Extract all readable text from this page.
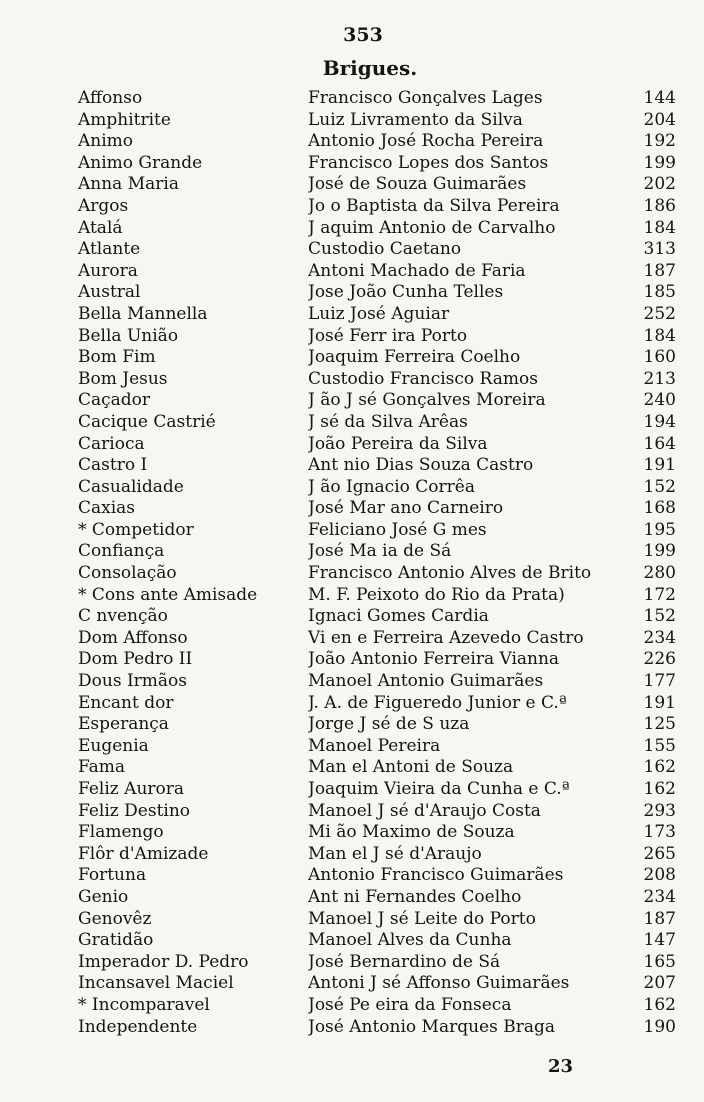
353
Brigues.
Affonso	Francisco Gonçalves Lages	144
Amphitrite	Luiz Livramento da Silva	204
Animo	Antonio José Rocha Pereira	192
Animo Grande	Francisco Lopes dos Santos	199
Anna Maria	José de Souza Guimarães	202
Argos	Jo o Baptista da Silva Pereira	186
Atalá	J aquim Antonio de Carvalho	184
Atlante	Custodio Caetano	313
Aurora	Antoni Machado de Faria	187
Austral	Jose João Cunha Telles	185
Bella Mannella	Luiz José Aguiar	252
Bella União	José Ferr ira Porto	184
Bom Fim	Joaquim Ferreira Coelho	160
Bom Jesus	Custodio Francisco Ramos	213
Caçador	J ão J sé Gonçalves Moreira	240
Cacique Castrié	J sé da Silva Arêas	194
Carioca	João Pereira da Silva	164
Castro I	Ant nio Dias Souza Castro	191
Casualidade	J ão Ignacio Corrêa	152
Caxias	José Mar ano Carneiro	168
* Competidor	Feliciano José G mes	195
Confiança	José Ma ia de Sá	199
Consolação	Francisco Antonio Alves de Brito	280
* Cons ante Amisade	M. F. Peixoto do Rio da Prata)	172
C nvenção	Ignaci Gomes Cardia	152
Dom Affonso	Vi en e Ferreira Azevedo Castro	234
Dom Pedro II	João Antonio Ferreira Vianna	226
Dous Irmãos	Manoel Antonio Guimarães	177
Encant dor	J. A. de Figueredo Junior e C.ª	191
Esperança	Jorge J sé de S uza	125
Eugenia	Manoel Pereira	155
Fama	Man el Antoni de Souza	162
Feliz Aurora	Joaquim Vieira da Cunha e C.ª	162
Feliz Destino	Manoel J sé d'Araujo Costa	293
Flamengo	Mi ão Maximo de Souza	173
Flôr d'Amizade	Man el J sé d'Araujo	265
Fortuna	Antonio Francisco Guimarães	208
Genio	Ant ni Fernandes Coelho	234
Genovêz	Manoel J sé Leite do Porto	187
Gratidão	Manoel Alves da Cunha	147
Imperador D. Pedro	José Bernardino de Sá	165
Incansavel Maciel	Antoni J sé Affonso Guimarães	207
* Incomparavel	José Pe eira da Fonseca	162
Independente	José Antonio Marques Braga	190
23
